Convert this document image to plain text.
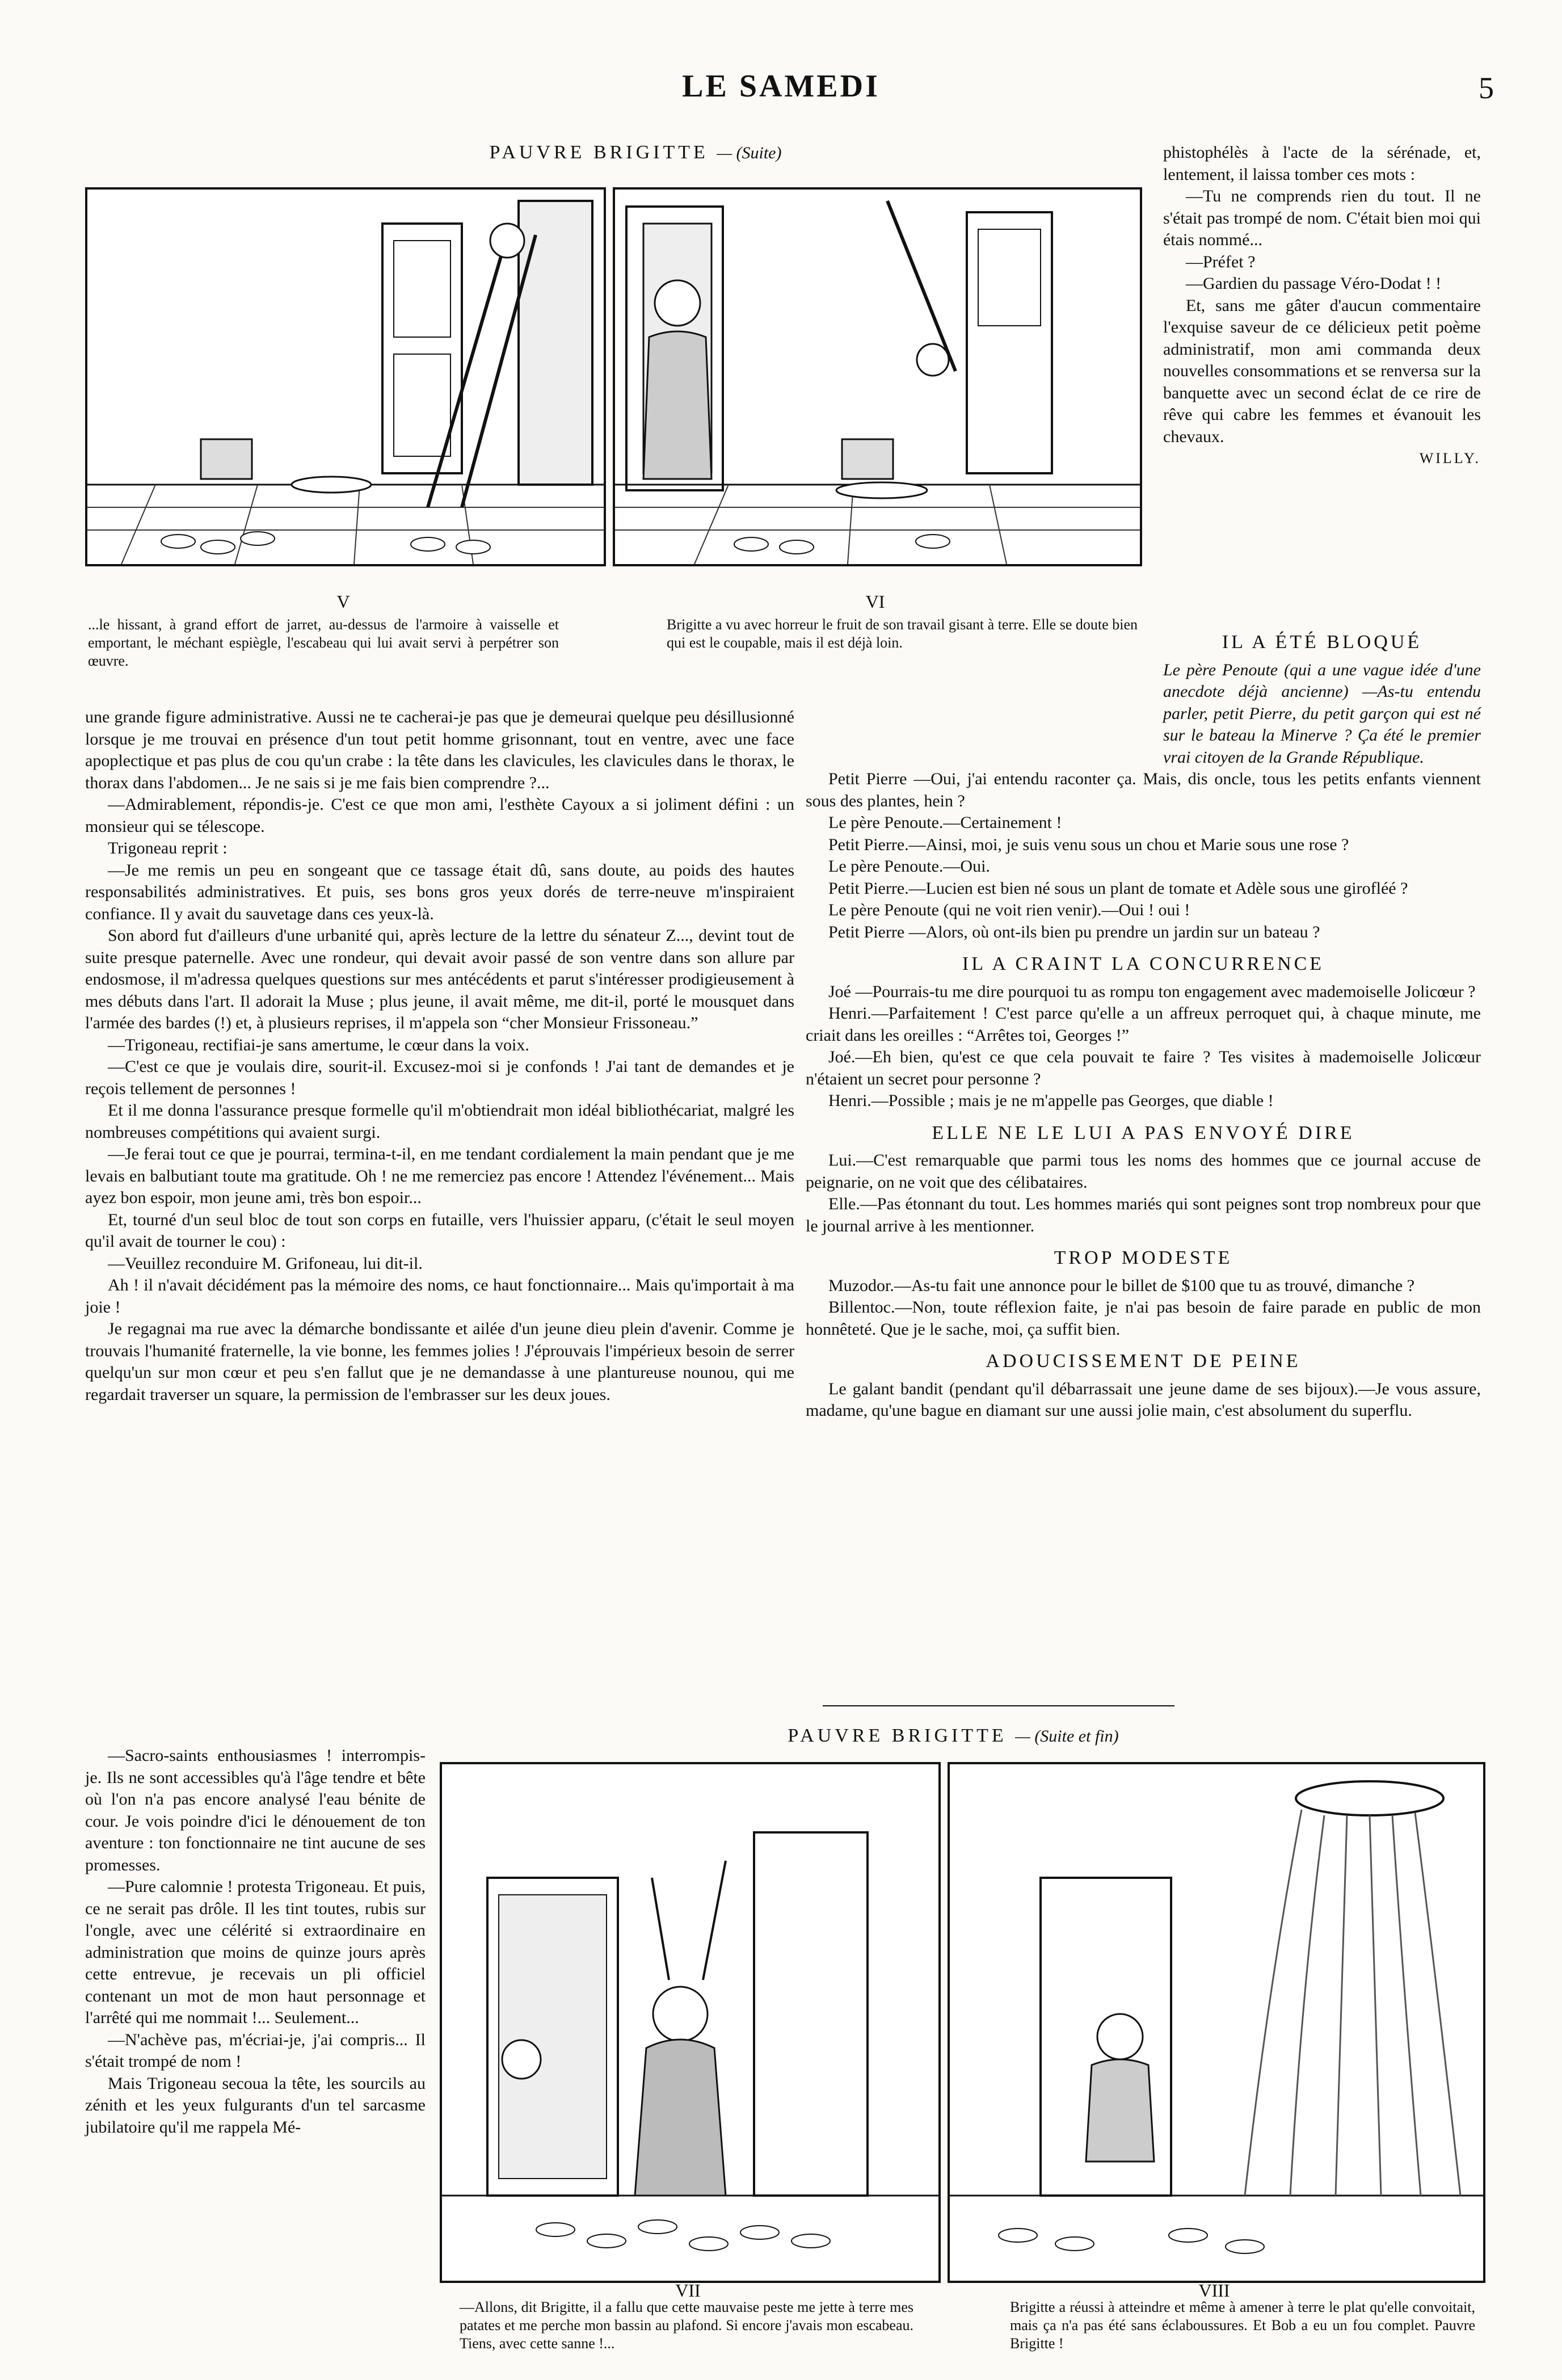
LE SAMEDI	5
PAUVRE BRIGITTE — (Suite)
V
...le hissant, à grand effort de jarret, au-dessus de l'armoire à vaisselle et emportant, le méchant espiègle, l'escabeau qui lui avait servi à perpétrer son œuvre.
VI
Brigitte a vu avec horreur le fruit de son travail gisant à terre. Elle se doute bien qui est le coupable, mais il est déjà loin.

phistophélès à l'acte de la sérénade, et, lentement, il laissa tomber ces mots :

—Tu ne comprends rien du tout. Il ne s'était pas trompé de nom. C'était bien moi qui étais nommé...

—Préfet ?

—Gardien du passage Véro-Dodat ! !

Et, sans me gâter d'aucun commentaire l'exquise saveur de ce délicieux petit poème administratif, mon ami commanda deux nouvelles consommations et se renversa sur la banquette avec un second éclat de ce rire de rêve qui cabre les femmes et évanouit les chevaux.

WILLY.
IL A ÉTÉ BLOQUÉ

Le père Penoute (qui a une vague idée d'une anecdote déjà ancienne) —As-tu entendu parler, petit Pierre, du petit garçon qui est né sur le bateau la Minerve ? Ça été le premier vrai citoyen de la Grande République.

Petit Pierre —Oui, j'ai entendu raconter ça. Mais, dis oncle, tous les petits enfants viennent sous des plantes, hein ?

Le père Penoute.—Certainement !

Petit Pierre.—Ainsi, moi, je suis venu sous un chou et Marie sous une rose ?

Le père Penoute.—Oui.

Petit Pierre.—Lucien est bien né sous un plant de tomate et Adèle sous une girofléé ?

Le père Penoute (qui ne voit rien venir).—Oui ! oui !

Petit Pierre —Alors, où ont-ils bien pu prendre un jardin sur un bateau ?

IL A CRAINT LA CONCURRENCE

Joé —Pourrais-tu me dire pourquoi tu as rompu ton engagement avec mademoiselle Jolicœur ?

Henri.—Parfaitement ! C'est parce qu'elle a un affreux perroquet qui, à chaque minute, me criait dans les oreilles : “Arrêtes toi, Georges !”

Joé.—Eh bien, qu'est ce que cela pouvait te faire ? Tes visites à mademoiselle Jolicœur n'étaient un secret pour personne ?

Henri.—Possible ; mais je ne m'appelle pas Georges, que diable !

ELLE NE LE LUI A PAS ENVOYÉ DIRE

Lui.—C'est remarquable que parmi tous les noms des hommes que ce journal accuse de peignarie, on ne voit que des célibataires.

Elle.—Pas étonnant du tout. Les hommes mariés qui sont peignes sont trop nombreux pour que le journal arrive à les mentionner.

TROP MODESTE

Muzodor.—As-tu fait une annonce pour le billet de $100 que tu as trouvé, dimanche ?

Billentoc.—Non, toute réflexion faite, je n'ai pas besoin de faire parade en public de mon honnêteté. Que je le sache, moi, ça suffit bien.

ADOUCISSEMENT DE PEINE

Le galant bandit (pendant qu'il débarrassait une jeune dame de ses bijoux).—Je vous assure, madame, qu'une bague en diamant sur une aussi jolie main, c'est absolument du superflu.

une grande figure administrative. Aussi ne te cacherai-je pas que je demeurai quelque peu désillusionné lorsque je me trouvai en présence d'un tout petit homme grisonnant, tout en ventre, avec une face apoplectique et pas plus de cou qu'un crabe : la tête dans les clavicules, les clavicules dans le thorax, le thorax dans l'abdomen... Je ne sais si je me fais bien comprendre ?...

—Admirablement, répondis-je. C'est ce que mon ami, l'esthète Cayoux a si joliment défini : un monsieur qui se télescope.

Trigoneau reprit :

—Je me remis un peu en songeant que ce tassage était dû, sans doute, au poids des hautes responsabilités administratives. Et puis, ses bons gros yeux dorés de terre-neuve m'inspiraient confiance. Il y avait du sauvetage dans ces yeux-là.

Son abord fut d'ailleurs d'une urbanité qui, après lecture de la lettre du sénateur Z..., devint tout de suite presque paternelle. Avec une rondeur, qui devait avoir passé de son ventre dans son allure par endosmose, il m'adressa quelques questions sur mes antécédents et parut s'intéresser prodigieusement à mes débuts dans l'art. Il adorait la Muse ; plus jeune, il avait même, me dit-il, porté le mousquet dans l'armée des bardes (!) et, à plusieurs reprises, il m'appela son “cher Monsieur Frissoneau.”

—Trigoneau, rectifiai-je sans amertume, le cœur dans la voix.

—C'est ce que je voulais dire, sourit-il. Excusez-moi si je confonds ! J'ai tant de demandes et je reçois tellement de personnes !

Et il me donna l'assurance presque formelle qu'il m'obtiendrait mon idéal bibliothécariat, malgré les nombreuses compétitions qui avaient surgi.

—Je ferai tout ce que je pourrai, termina-t-il, en me tendant cordialement la main pendant que je me levais en balbutiant toute ma gratitude. Oh ! ne me remerciez pas encore ! Attendez l'événement... Mais ayez bon espoir, mon jeune ami, très bon espoir...

Et, tourné d'un seul bloc de tout son corps en futaille, vers l'huissier apparu, (c'était le seul moyen qu'il avait de tourner le cou) :

—Veuillez reconduire M. Grifoneau, lui dit-il.

Ah ! il n'avait décidément pas la mémoire des noms, ce haut fonctionnaire... Mais qu'importait à ma joie !

Je regagnai ma rue avec la démarche bondissante et ailée d'un jeune dieu plein d'avenir. Comme je trouvais l'humanité fraternelle, la vie bonne, les femmes jolies ! J'éprouvais l'impérieux besoin de serrer quelqu'un sur mon cœur et peu s'en fallut que je ne demandasse à une plantureuse nounou, qui me regardait traverser un square, la permission de l'embrasser sur les deux joues.

—Sacro-saints enthousiasmes ! interrompis-je. Ils ne sont accessibles qu'à l'âge tendre et bête où l'on n'a pas encore analysé l'eau bénite de cour. Je vois poindre d'ici le dénouement de ton aventure : ton fonctionnaire ne tint aucune de ses promesses.

—Pure calomnie ! protesta Trigoneau. Et puis, ce ne serait pas drôle. Il les tint toutes, rubis sur l'ongle, avec une célérité si extraordinaire en administration que moins de quinze jours après cette entrevue, je recevais un pli officiel contenant un mot de mon haut personnage et l'arrêté qui me nommait !... Seulement...

—N'achève pas, m'écriai-je, j'ai compris... Il s'était trompé de nom !

Mais Trigoneau secoua la tête, les sourcils au zénith et les yeux fulgurants d'un tel sarcasme jubilatoire qu'il me rappela Mé-

PAUVRE BRIGITTE — (Suite et fin)
VII
—Allons, dit Brigitte, il a fallu que cette mauvaise peste me jette à terre mes patates et me perche mon bassin au plafond. Si encore j'avais mon escabeau. Tiens, avec cette sanne !...
VIII
Brigitte a réussi à atteindre et même à amener à terre le plat qu'elle convoitait, mais ça n'a pas été sans éclaboussures. Et Bob a eu un fou complet. Pauvre Brigitte !
